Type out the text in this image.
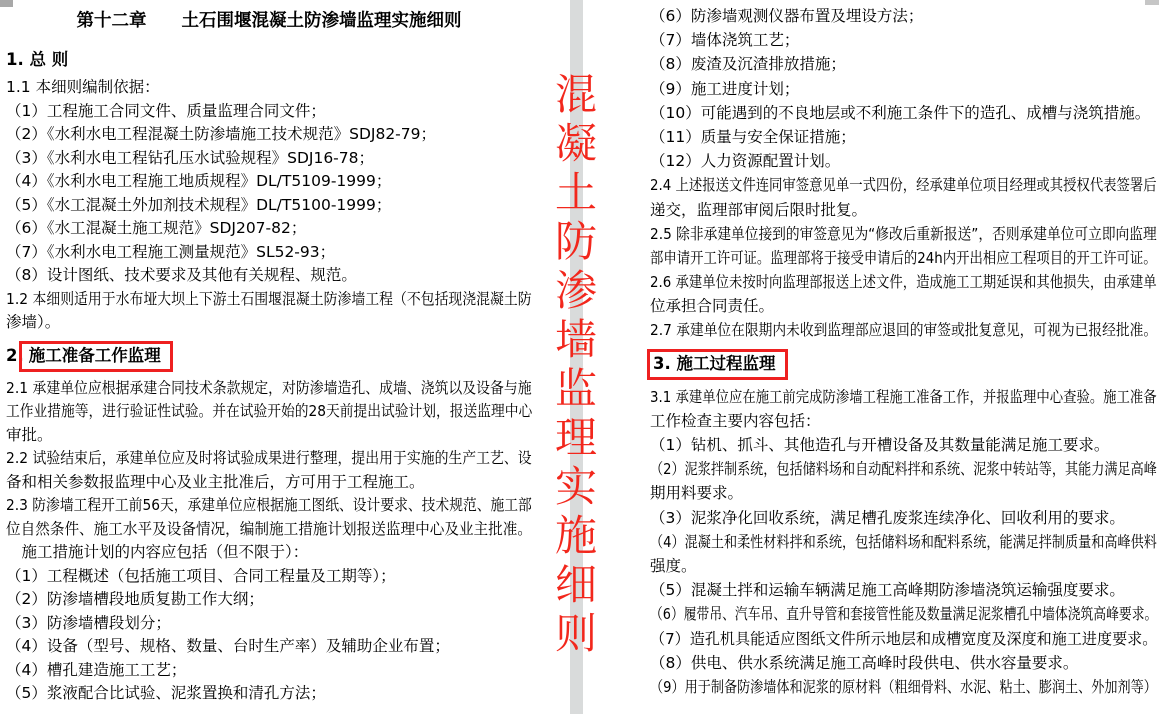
第十二章　　土石围堰混凝土防渗墙监理实施细则
1. 总 则
1.1 本细则编制依据：
（1）工程施工合同文件、质量监理合同文件；
（2）《水利水电工程混凝土防渗墙施工技术规范》SDJ82-79；
（3）《水利水电工程钻孔压水试验规程》SDJ16-78；
（4）《水利水电工程施工地质规程》DL/T5109-1999；
（5）《水工混凝土外加剂技术规程》DL/T5100-1999；
（6）《水工混凝土施工规范》SDJ207-82；
（7）《水利水电工程施工测量规范》SL52-93；
（8）设计图纸、技术要求及其他有关规程、规范。
1.2 本细则适用于水布垭大坝上下游土石围堰混凝土防渗墙工程（不包括现浇混凝土防
渗墙）。
2. 施工准备工作监理
2.1 承建单位应根据承建合同技术条款规定，对防渗墙造孔、成墙、浇筑以及设备与施
工作业措施等，进行验证性试验。并在试验开始的28天前提出试验计划，报送监理中心
审批。
2.2 试验结束后，承建单位应及时将试验成果进行整理，提出用于实施的生产工艺、设
备和相关参数报监理中心及业主批准后，方可用于工程施工。
2.3 防渗墙工程开工前56天，承建单位应根据施工图纸、设计要求、技术规范、施工部
位自然条件、施工水平及设备情况，编制施工措施计划报送监理中心及业主批准。
　施工措施计划的内容应包括（但不限于）：
（1）工程概述（包括施工项目、合同工程量及工期等）；
（2）防渗墙槽段地质复勘工作大纲；
（3）防渗墙槽段划分；
（4）设备（型号、规格、数量、台时生产率）及辅助企业布置；
（4）槽孔建造施工工艺；
（5）浆液配合比试验、泥浆置换和清孔方法；
（6）防渗墙观测仪器布置及埋设方法；
（7）墙体浇筑工艺；
（8）废渣及沉渣排放措施；
（9）施工进度计划；
（10）可能遇到的不良地层或不利施工条件下的造孔、成槽与浇筑措施。
（11）质量与安全保证措施；
（12）人力资源配置计划。
2.4 上述报送文件连同审签意见单一式四份，经承建单位项目经理或其授权代表签署后
递交，监理部审阅后限时批复。
2.5 除非承建单位接到的审签意见为“修改后重新报送”，否则承建单位可立即向监理
部申请开工许可证。监理部将于接受申请后的24h内开出相应工程项目的开工许可证。
2.6 承建单位未按时向监理部报送上述文件，造成施工工期延误和其他损失，由承建单
位承担合同责任。
2.7 承建单位在限期内未收到监理部应退回的审签或批复意见，可视为已报经批准。
3. 施工过程监理
3.1 承建单位应在施工前完成防渗墙工程施工准备工作，并报监理中心查验。施工准备
工作检查主要内容包括：
（1）钻机、抓斗、其他造孔与开槽设备及其数量能满足施工要求。
（2）泥浆拌制系统，包括储料场和自动配料拌和系统、泥浆中转站等，其能力满足高峰
期用料要求。
（3）泥浆净化回收系统，满足槽孔废浆连续净化、回收利用的要求。
（4）混凝土和柔性材料拌和系统，包括储料场和配料系统，能满足拌制质量和高峰供料
强度。
（5）混凝土拌和运输车辆满足施工高峰期防渗墙浇筑运输强度要求。
（6）履带吊、汽车吊、直升导管和套接管性能及数量满足泥浆槽孔中墙体浇筑高峰要求。
（7）造孔机具能适应图纸文件所示地层和成槽宽度及深度和施工进度要求。
（8）供电、供水系统满足施工高峰时段供电、供水容量要求。
（9）用于制备防渗墙体和泥浆的原材料（粗细骨料、水泥、粘土、膨润土、外加剂等）
混
凝
土
防
渗
墙
监
理
实
施
细
则
